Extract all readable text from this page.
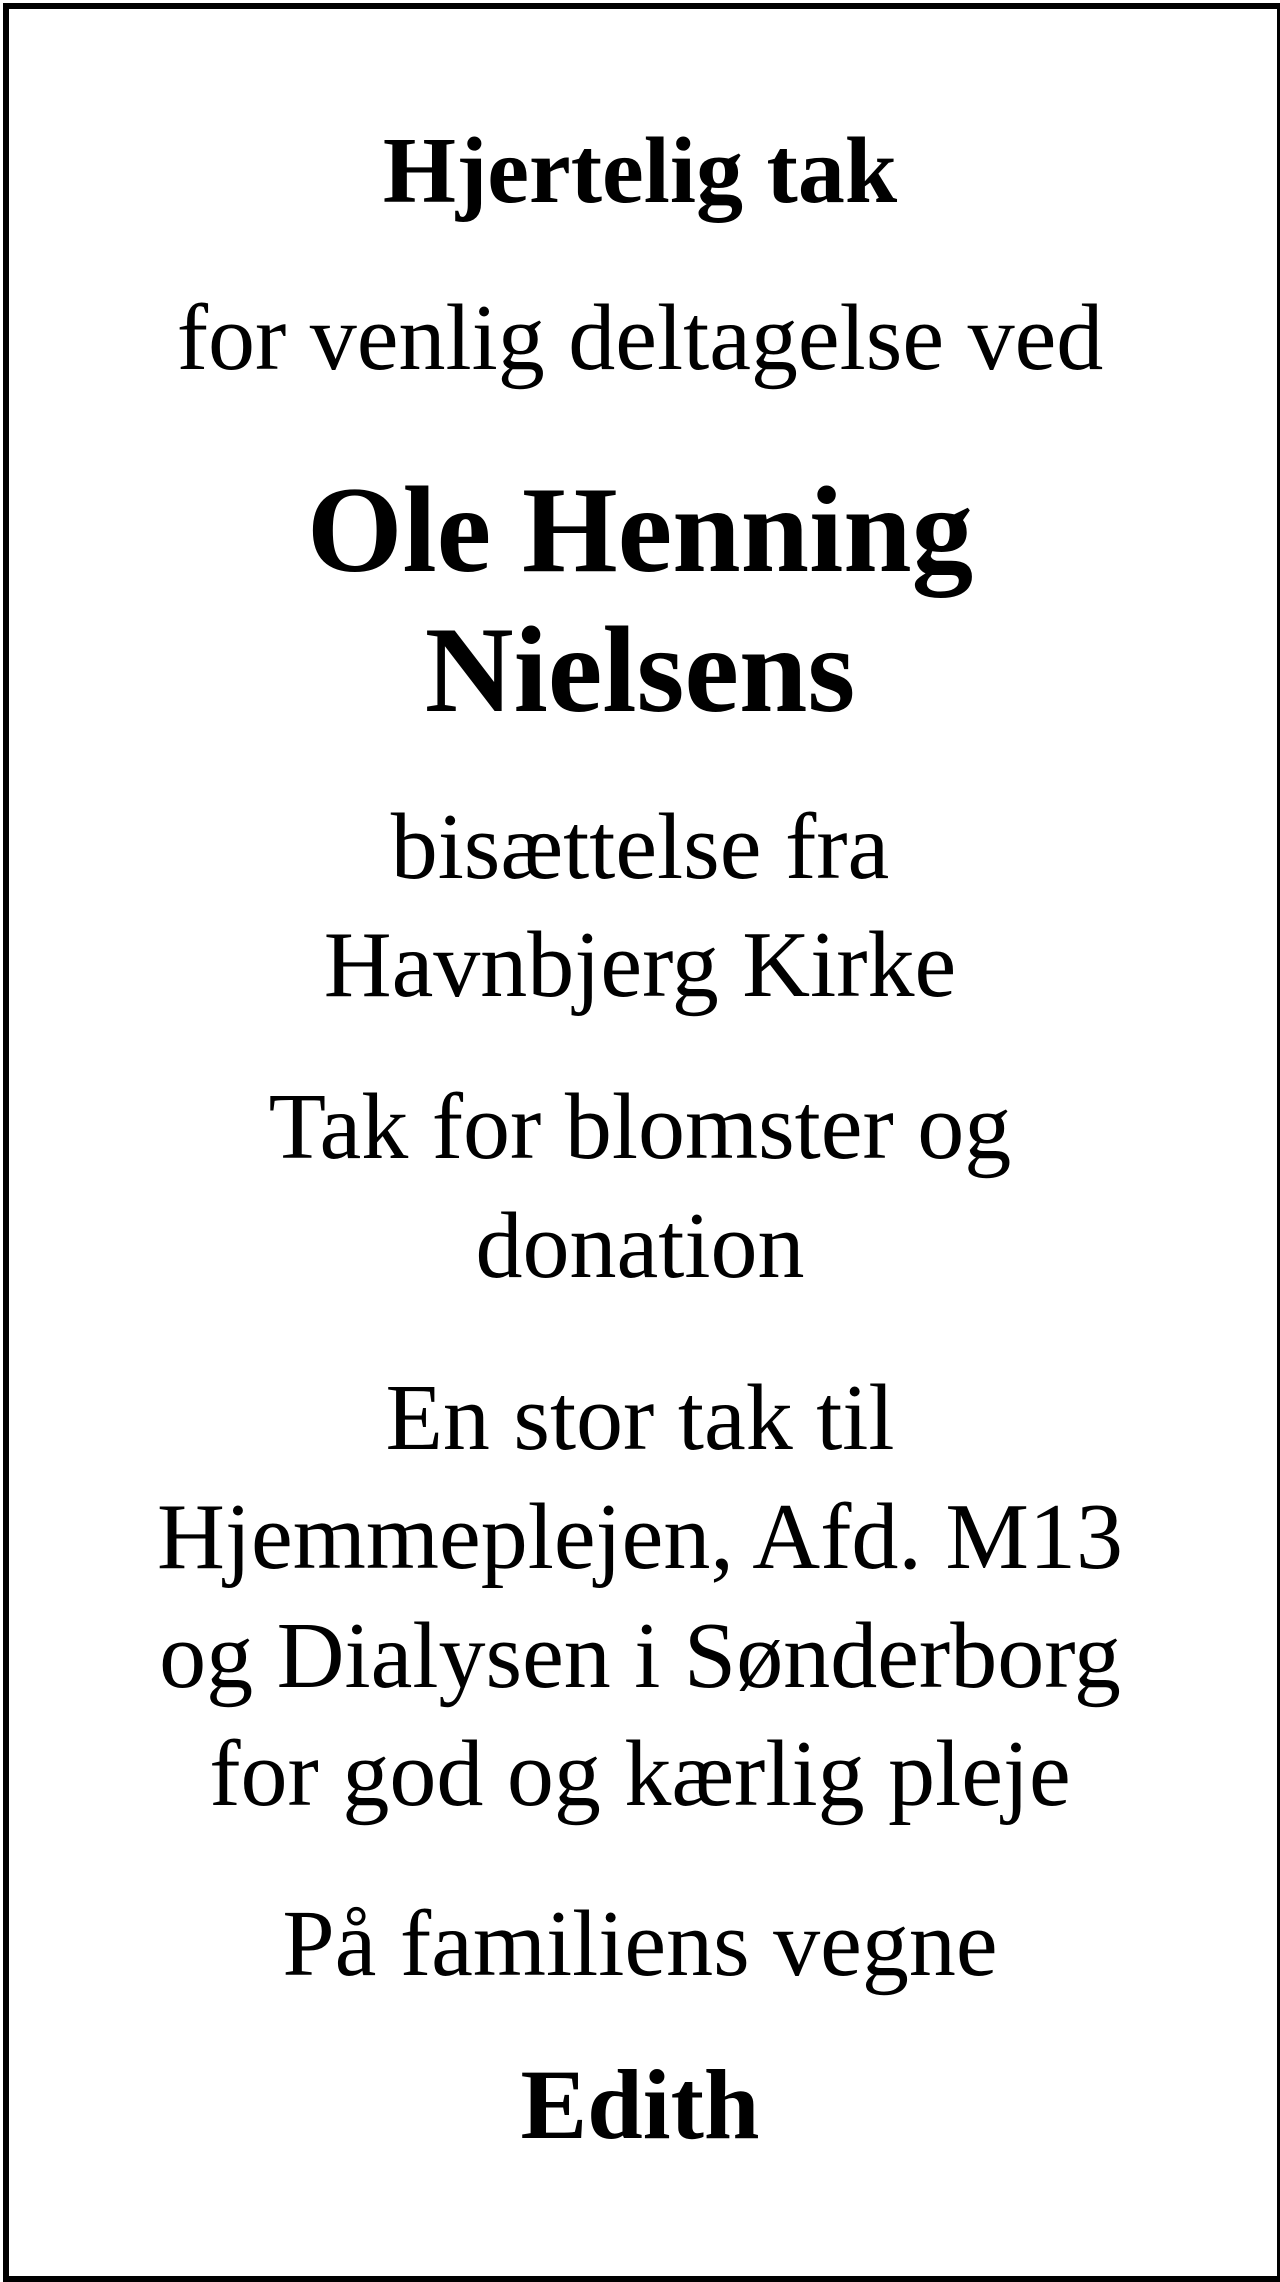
Hjertelig tak

for venlig deltagelse ved

Ole Henning

Nielsens

bisættelse fra

Havnbjerg Kirke

Tak for blomster og

donation

En stor tak til

Hjemmeplejen, Afd. M13

og Dialysen i Sønderborg

for god og kærlig pleje

På familiens vegne

Edith
